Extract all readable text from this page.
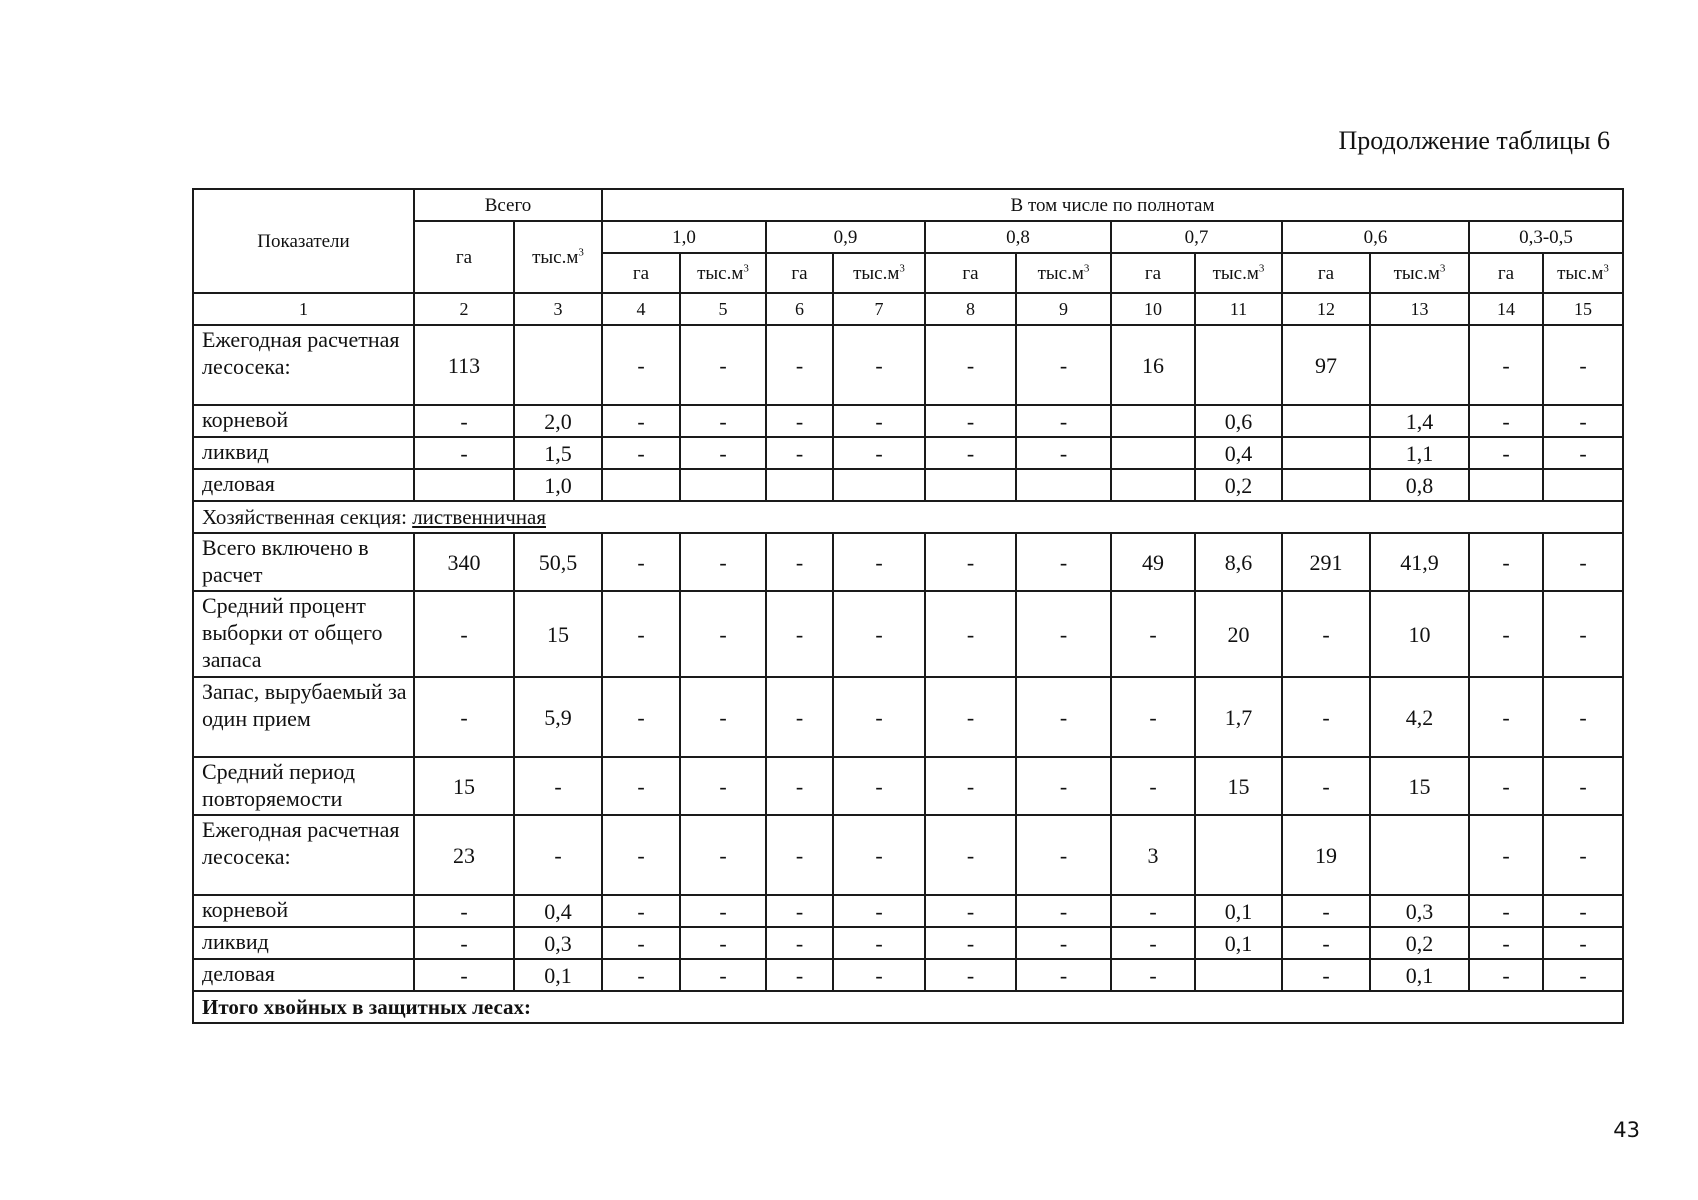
Продолжение таблицы 6
Показатели	Всего		В том числе по полнотам											
	га	$тыс.м^3$	1,0		0,9		0,8		0,7		0,6		0,3-0,5	
			га	$тыс.м^3$	га	$тыс.м^3$	га	$тыс.м^3$	га	$тыс.м^3$	га	$тыс.м^3$	га	$тыс.м^3$
1	2	3	4	5	6	7	8	9	10	11	12	13	14	15
Ежегодная расчетная лесосека:	113		-	-	-	-	-	-	16		97		-	-
корневой	-	2,0	-	-	-	-	-	-		0,6		1,4	-	-
ликвид	-	1,5	-	-	-	-	-	-		0,4		1,1	-	-
деловая		1,0								0,2		0,8		
Хозяйственная секция: лиственничная														
Всего включено в расчет	340	50,5	-	-	-	-	-	-	49	8,6	291	41,9	-	-
Средний процент выборки от общего запаса	-	15	-	-	-	-	-	-	-	20	-	10	-	-
Запас, вырубаемый за один прием	-	5,9	-	-	-	-	-	-	-	1,7	-	4,2	-	-
Средний период повторяемости	15	-	-	-	-	-	-	-	-	15	-	15	-	-
Ежегодная расчетная лесосека:	23	-	-	-	-	-	-	-	3		19		-	-
корневой	-	0,4	-	-	-	-	-	-	-	0,1	-	0,3	-	-
ликвид	-	0,3	-	-	-	-	-	-	-	0,1	-	0,2	-	-
деловая	-	0,1	-	-	-	-	-	-	-		-	0,1	-	-
Итого хвойных в защитных лесах:														
43
